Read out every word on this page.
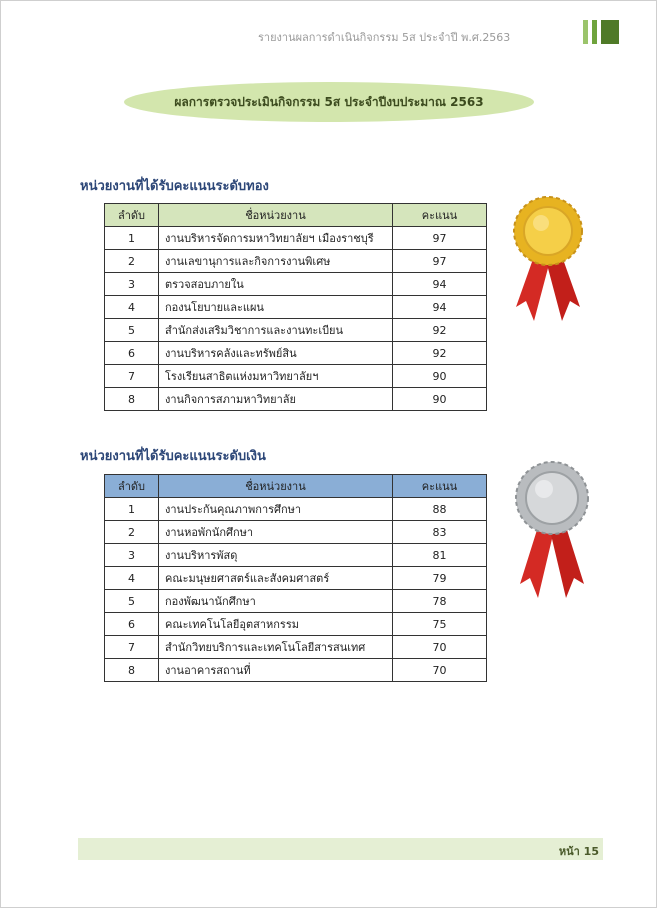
รายงานผลการดำเนินกิจกรรม 5ส ประจำปี พ.ศ.2563
ผลการตรวจประเมินกิจกรรม 5ส ประจำปีงบประมาณ 2563
หน่วยงานที่ได้รับคะแนนระดับทอง
ลำดับ	ชื่อหน่วยงาน	คะแนน
1	งานบริหารจัดการมหาวิทยาลัยฯ เมืองราชบุรี	97
2	งานเลขานุการและกิจการงานพิเศษ	97
3	ตรวจสอบภายใน	94
4	กองนโยบายและแผน	94
5	สำนักส่งเสริมวิชาการและงานทะเบียน	92
6	งานบริหารคลังและทรัพย์สิน	92
7	โรงเรียนสาธิตแห่งมหาวิทยาลัยฯ	90
8	งานกิจการสภามหาวิทยาลัย	90
หน่วยงานที่ได้รับคะแนนระดับเงิน
ลำดับ	ชื่อหน่วยงาน	คะแนน
1	งานประกันคุณภาพการศึกษา	88
2	งานหอพักนักศึกษา	83
3	งานบริหารพัสดุ	81
4	คณะมนุษยศาสตร์และสังคมศาสตร์	79
5	กองพัฒนานักศึกษา	78
6	คณะเทคโนโลยีอุตสาหกรรม	75
7	สำนักวิทยบริการและเทคโนโลยีสารสนเทศ	70
8	งานอาคารสถานที่	70
หน้า 15
